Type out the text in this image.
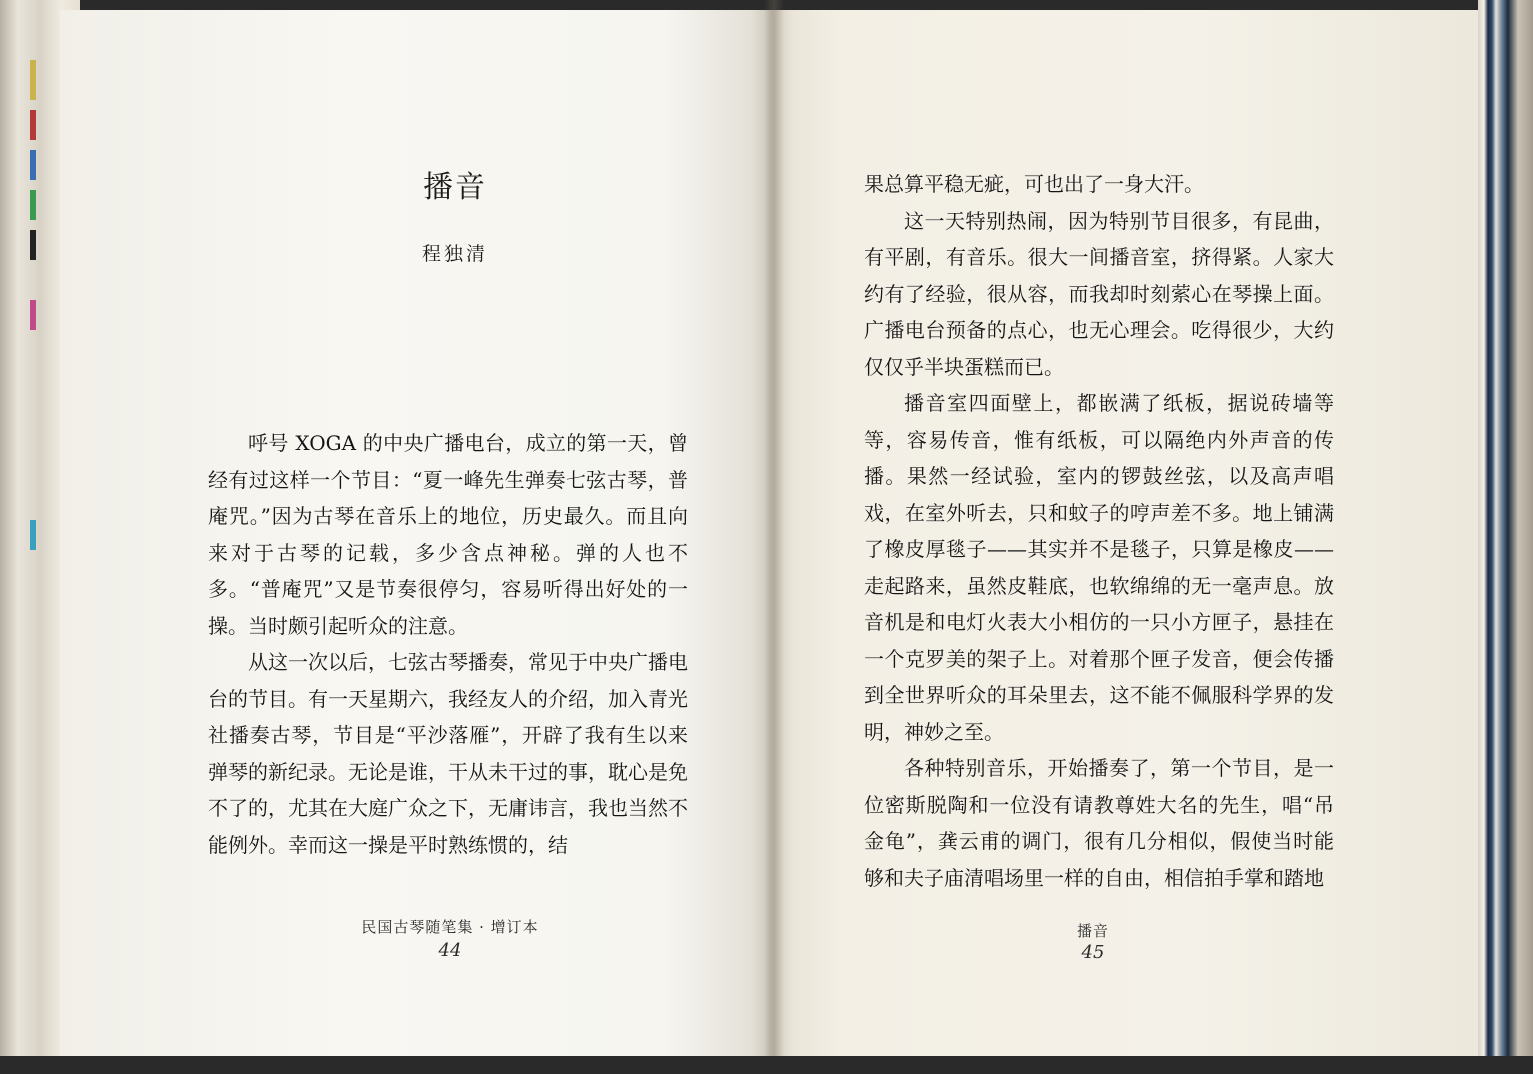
播音
程独清

呼号 XOGA 的中央广播电台，成立的第一天，曾经有过这样一个节目：“夏一峰先生弹奏七弦古琴，普庵咒。”因为古琴在音乐上的地位，历史最久。而且向来对于古琴的记载，多少含点神秘。弹的人也不多。“普庵咒”又是节奏很停匀，容易听得出好处的一操。当时颇引起听众的注意。

从这一次以后，七弦古琴播奏，常见于中央广播电台的节目。有一天星期六，我经友人的介绍，加入青光社播奏古琴，节目是“平沙落雁”，开辟了我有生以来弹琴的新纪录。无论是谁，干从未干过的事，耽心是免不了的，尤其在大庭广众之下，无庸讳言，我也当然不能例外。幸而这一操是平时熟练惯的，结

民国古琴随笔集 · 增订本
44

果总算平稳无疵，可也出了一身大汗。

这一天特别热闹，因为特别节目很多，有昆曲，有平剧，有音乐。很大一间播音室，挤得紧。人家大约有了经验，很从容，而我却时刻萦心在琴操上面。广播电台预备的点心，也无心理会。吃得很少，大约仅仅乎半块蛋糕而已。

播音室四面壁上，都嵌满了纸板，据说砖墙等等，容易传音，惟有纸板，可以隔绝内外声音的传播。果然一经试验，室内的锣鼓丝弦，以及高声唱戏，在室外听去，只和蚊子的哼声差不多。地上铺满了橡皮厚毯子——其实并不是毯子，只算是橡皮——走起路来，虽然皮鞋底，也软绵绵的无一毫声息。放音机是和电灯火表大小相仿的一只小方匣子，悬挂在一个克罗美的架子上。对着那个匣子发音，便会传播到全世界听众的耳朵里去，这不能不佩服科学界的发明，神妙之至。

各种特别音乐，开始播奏了，第一个节目，是一位密斯脱陶和一位没有请教尊姓大名的先生，唱“吊金龟”，龚云甫的调门，很有几分相似，假使当时能够和夫子庙清唱场里一样的自由，相信拍手掌和踏地

播音
45
